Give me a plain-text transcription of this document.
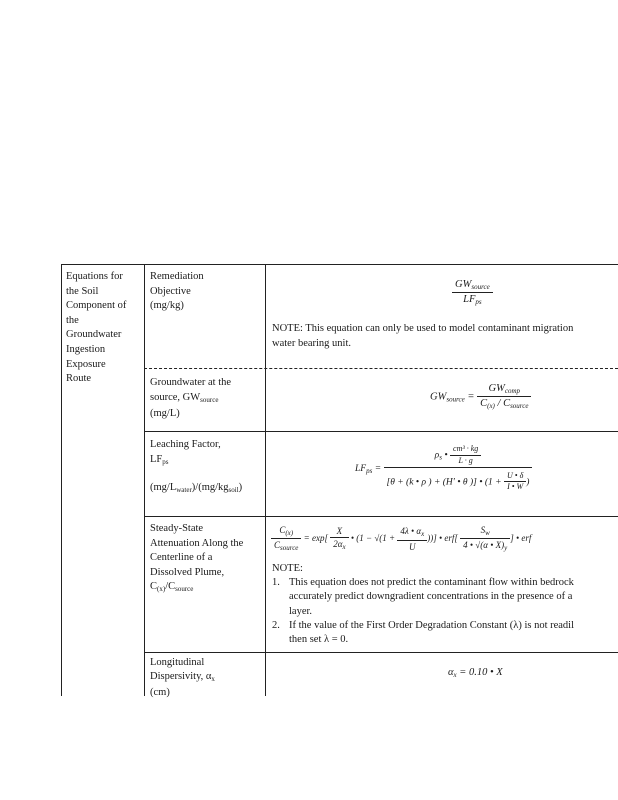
Equations for
the Soil
Component of
the
Groundwater
Ingestion
Exposure
Route
Remediation
Objective
(mg/kg)	$\frac{GW_{source}}{LF_{ps}}$
NOTE: This equation can only be used to model contaminant migration
water bearing unit.
Groundwater at the
source, $GW_{source}$
(mg/L)
$GW_{source} = \frac{GW_{comp}}{C_{(x)} / C_{source}}$
Leaching Factor,
$LF_{ps}$
$(mg/L_{water})/(mg/kg_{soil})$
$LF_{ps}$ =
$\rho_s$ • $\frac{\text{cm³ · kg}}{L \cdot g}$
[θ + (k • ρ ) + (H′ • θ )] • ($1 + \frac{U • \delta}{I • W}$ )
Steady-State
Attenuation Along the
Centerline of a
Dissolved Plume,
$C_{(x)}/C_{source}$
$\frac{C_{(x)}}{C_{source}} = \exp[ \frac{X}{2\alpha_x}$ • ($1 - √(1 + \frac{4\lambda • \alpha_x}{U}$ ))] • $erf[ \frac{S_w}{4 • √(\alpha • X)_y}$ ] • erf
NOTE:
1. This equation does not predict the contaminant flow within bedrock
accurately predict downgradient concentrations in the presence of a
layer.
2. If the value of the First Order Degradation Constant (λ) is not readil
then set λ = 0.
Longitudinal
Dispersivity, $\alpha_x$
(cm)
$\alpha_x = 0.10$ • X
